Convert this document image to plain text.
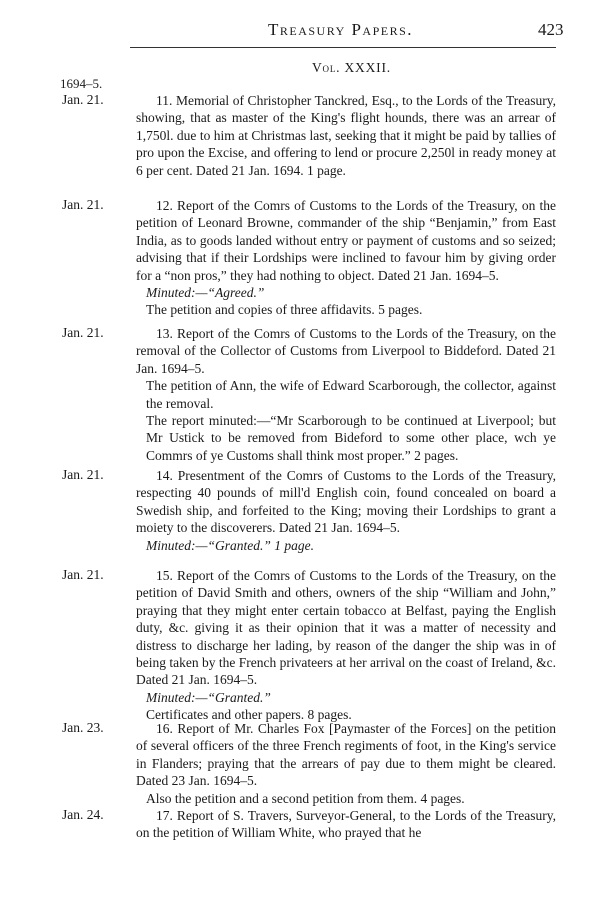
Treasury Papers.	423
1694–5.
Vol. XXXII.
Jan. 21.	11. Memorial of Christopher Tanckred, Esq., to the Lords of the Treasury, showing, that as master of the King's flight hounds, there was an arrear of 1,750l. due to him at Christmas last, seeking that it might be paid by tallies of pro upon the Excise, and offering to lend or procure 2,250l in ready money at 6 per cent. Dated 21 Jan. 1694. 1 page.

Jan. 21.	12. Report of the Comrs of Customs to the Lords of the Treasury, on the petition of Leonard Browne, commander of the ship “Benjamin,” from East India, as to goods landed without entry or payment of customs and so seized; advising that if their Lordships were inclined to favour him by giving order for a “non pros,” they had nothing to object. Dated 21 Jan. 1694–5.

Minuted:—“Agreed.”

The petition and copies of three affidavits. 5 pages.

Jan. 21.	13. Report of the Comrs of Customs to the Lords of the Treasury, on the removal of the Collector of Customs from Liverpool to Biddeford. Dated 21 Jan. 1694–5.

The petition of Ann, the wife of Edward Scarborough, the collector, against the removal.

The report minuted:—“Mr Scarborough to be continued at Liverpool; but Mr Ustick to be removed from Bideford to some other place, wch ye Commrs of ye Customs shall think most proper.” 2 pages.

Jan. 21.	14. Presentment of the Comrs of Customs to the Lords of the Treasury, respecting 40 pounds of mill'd English coin, found concealed on board a Swedish ship, and forfeited to the King; moving their Lordships to grant a moiety to the discoverers. Dated 21 Jan. 1694–5.

Minuted:—“Granted.” 1 page.

Jan. 21.	15. Report of the Comrs of Customs to the Lords of the Treasury, on the petition of David Smith and others, owners of the ship “William and John,” praying that they might enter certain tobacco at Belfast, paying the English duty, &c. giving it as their opinion that it was a matter of necessity and distress to discharge her lading, by reason of the danger the ship was in of being taken by the French privateers at her arrival on the coast of Ireland, &c. Dated 21 Jan. 1694–5.

Minuted:—“Granted.”

Certificates and other papers. 8 pages.

Jan. 23.	16. Report of Mr. Charles Fox [Paymaster of the Forces] on the petition of several officers of the three French regiments of foot, in the King's service in Flanders; praying that the arrears of pay due to them might be cleared. Dated 23 Jan. 1694–5.

Also the petition and a second petition from them. 4 pages.

Jan. 24.	17. Report of S. Travers, Surveyor-General, to the Lords of the Treasury, on the petition of William White, who prayed that he
